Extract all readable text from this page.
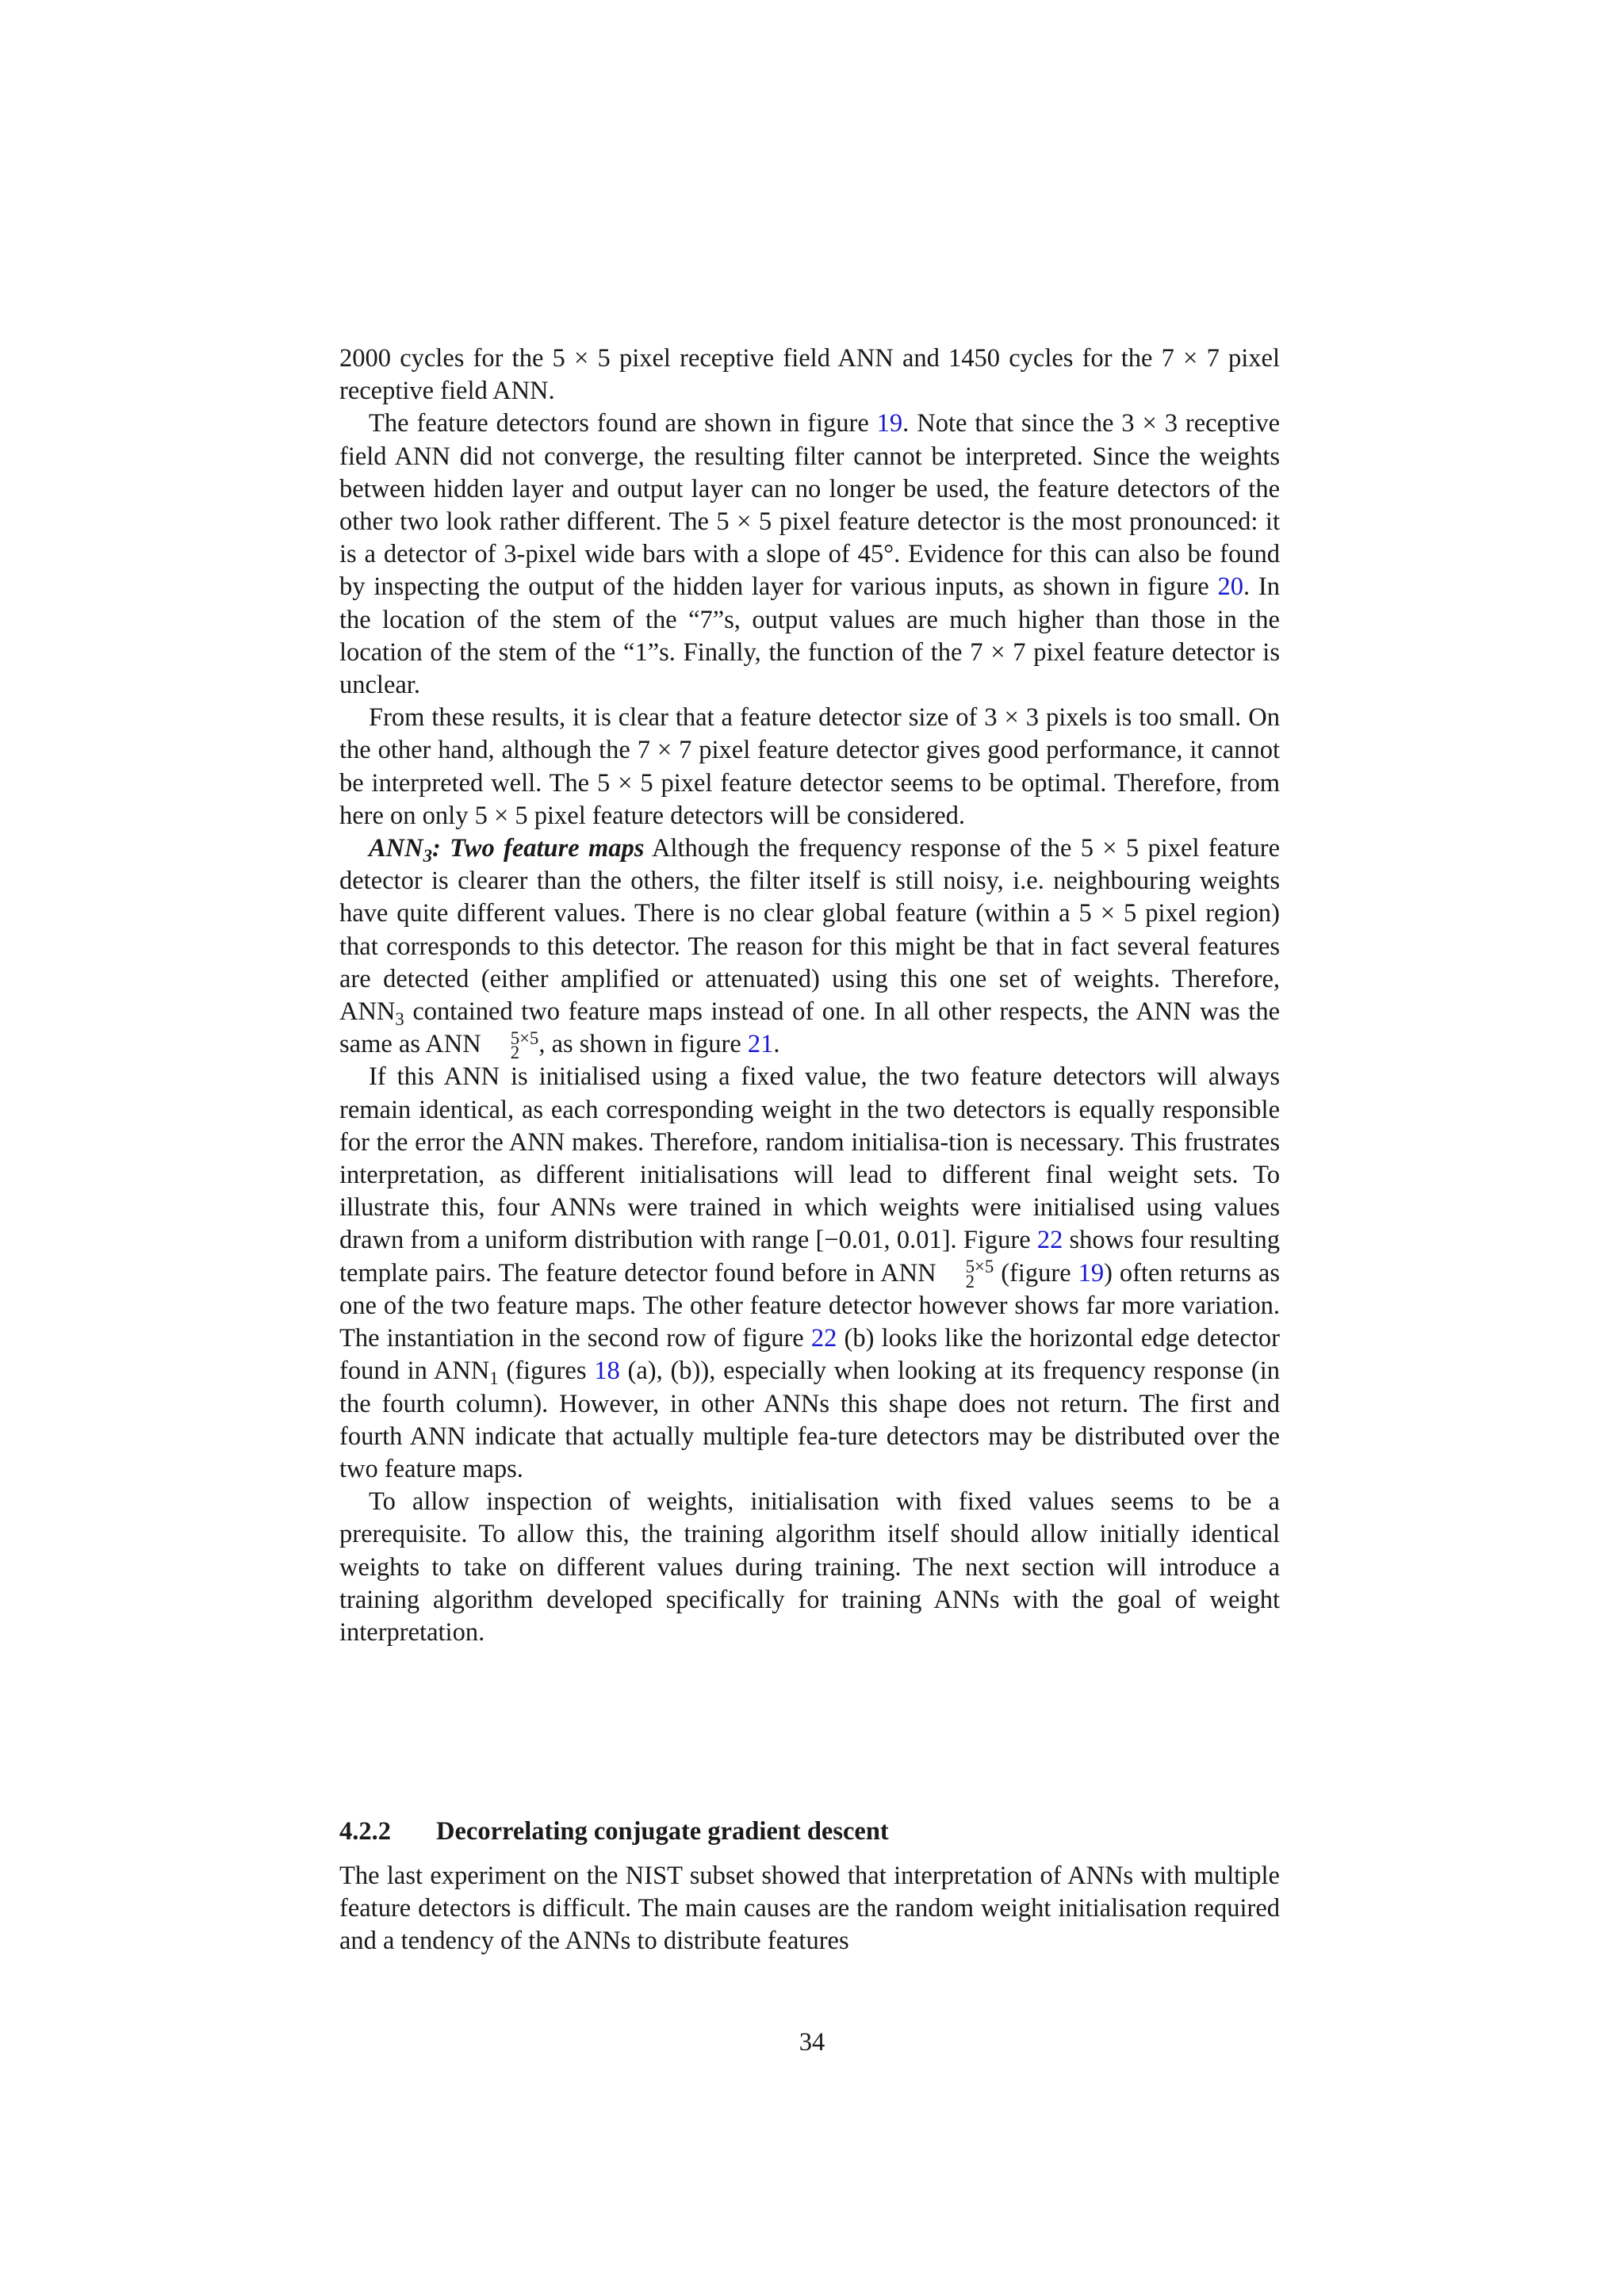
2000 cycles for the 5 × 5 pixel receptive field ANN and 1450 cycles for the 7 × 7 pixel receptive field ANN.

The feature detectors found are shown in figure 19. Note that since the 3 × 3 receptive field ANN did not converge, the resulting filter cannot be interpreted. Since the weights between hidden layer and output layer can no longer be used, the feature detectors of the other two look rather different. The 5 × 5 pixel feature detector is the most pronounced: it is a detector of 3-pixel wide bars with a slope of 45°. Evidence for this can also be found by inspecting the output of the hidden layer for various inputs, as shown in figure 20. In the location of the stem of the “7”s, output values are much higher than those in the location of the stem of the “1”s. Finally, the function of the 7 × 7 pixel feature detector is unclear.

From these results, it is clear that a feature detector size of 3 × 3 pixels is too small. On the other hand, although the 7 × 7 pixel feature detector gives good performance, it cannot be interpreted well. The 5 × 5 pixel feature detector seems to be optimal. Therefore, from here on only 5 × 5 pixel feature detectors will be considered.

$ANN_3$: Two feature maps Although the frequency response of the 5 × 5 pixel feature detector is clearer than the others, the filter itself is still noisy, i.e. neighbouring weights have quite different values. There is no clear global feature (within a 5 × 5 pixel region) that corresponds to this detector. The reason for this might be that in fact several features are detected (either amplified or attenuated) using this one set of weights. Therefore, $ANN_3$ contained two feature maps instead of one. In all other respects, the ANN was the same as ANN	5×5
2 , as shown in figure 21.

If this ANN is initialised using a fixed value, the two feature detectors will always remain identical, as each corresponding weight in the two detectors is equally responsible for the error the ANN makes. Therefore, random initialisa-tion is necessary. This frustrates interpretation, as different initialisations will lead to different final weight sets. To illustrate this, four ANNs were trained in which weights were initialised using values drawn from a uniform distribution with range [−0.01, 0.01]. Figure 22 shows four resulting template pairs. The feature detector found before in ANN	5×5
2 (figure 19) often returns as one of the two feature maps. The other feature detector however shows far more variation. The instantiation in the second row of figure 22 (b) looks like the horizontal edge detector found in $ANN_1$ (figures 18 (a), (b)), especially when looking at its frequency response (in the fourth column). However, in other ANNs this shape does not return. The first and fourth ANN indicate that actually multiple fea-ture detectors may be distributed over the two feature maps.

To allow inspection of weights, initialisation with fixed values seems to be a prerequisite. To allow this, the training algorithm itself should allow initially identical weights to take on different values during training. The next section will introduce a training algorithm developed specifically for training ANNs with the goal of weight interpretation.

4.2.2 Decorrelating conjugate gradient descent

The last experiment on the NIST subset showed that interpretation of ANNs with multiple feature detectors is difficult. The main causes are the random weight initialisation required and a tendency of the ANNs to distribute features

34
